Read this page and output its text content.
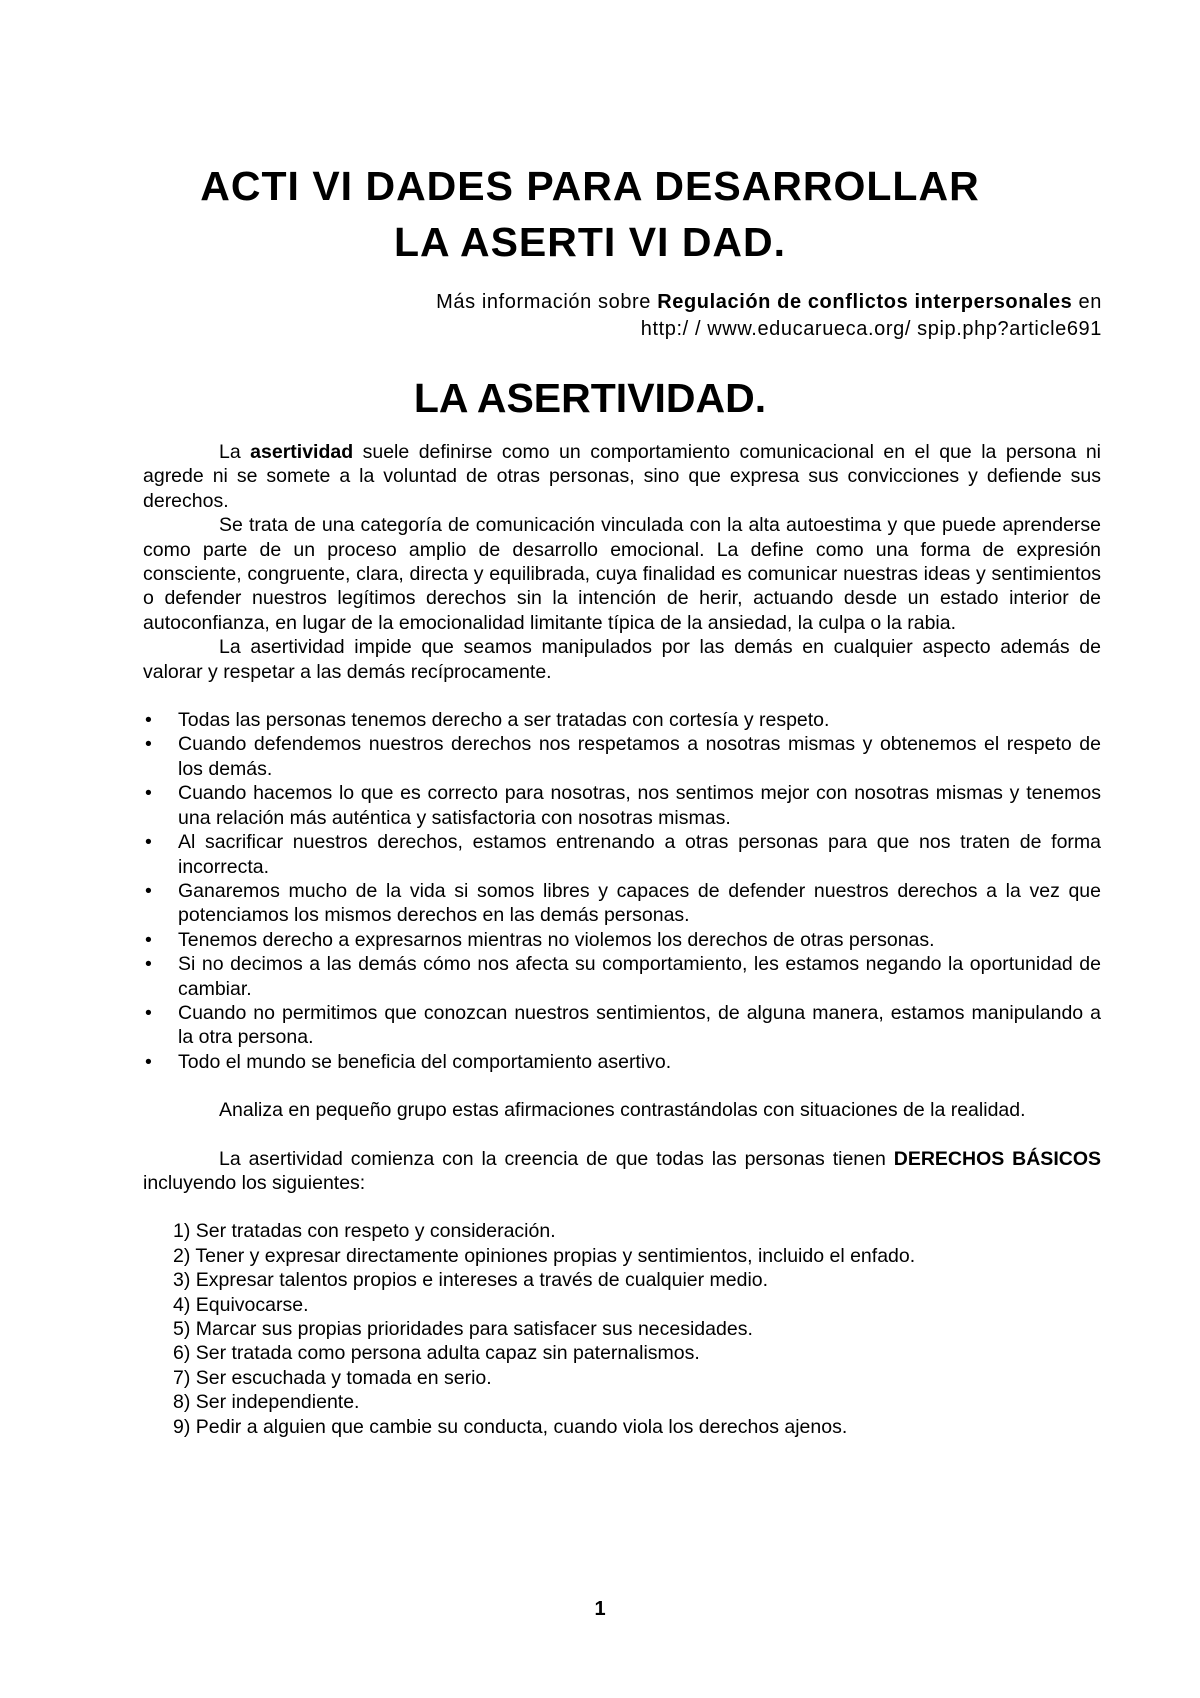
ACTI VI DADES PARA DESARROLLAR
LA ASERTI VI DAD.
Más información sobre Regulación de conflictos interpersonales en
http:/ / www.educarueca.org/ spip.php?article691
LA ASERTIVIDAD.

La asertividad suele definirse como un comportamiento comunicacional en el que la persona ni agrede ni se somete a la voluntad de otras personas, sino que expresa sus convicciones y defiende sus derechos.

Se trata de una categoría de comunicación vinculada con la alta autoestima y que puede aprenderse como parte de un proceso amplio de desarrollo emocional. La define como una forma de expresión consciente, congruente, clara, directa y equilibrada, cuya finalidad es comunicar nuestras ideas y sentimientos o defender nuestros legítimos derechos sin la intención de herir, actuando desde un estado interior de autoconfianza, en lugar de la emocionalidad limitante típica de la ansiedad, la culpa o la rabia.

La asertividad impide que seamos manipulados por las demás en cualquier aspecto además de valorar y respetar a las demás recíprocamente.

• Todas las personas tenemos derecho a ser tratadas con cortesía y respeto.
• Cuando defendemos nuestros derechos nos respetamos a nosotras mismas y obtenemos el respeto de los demás.
• Cuando hacemos lo que es correcto para nosotras, nos sentimos mejor con nosotras mismas y tenemos una relación más auténtica y satisfactoria con nosotras mismas.
• Al sacrificar nuestros derechos, estamos entrenando a otras personas para que nos traten de forma incorrecta.
• Ganaremos mucho de la vida si somos libres y capaces de defender nuestros derechos a la vez que potenciamos los mismos derechos en las demás personas.
• Tenemos derecho a expresarnos mientras no violemos los derechos de otras personas.
• Si no decimos a las demás cómo nos afecta su comportamiento, les estamos negando la oportunidad de cambiar.
• Cuando no permitimos que conozcan nuestros sentimientos, de alguna manera, estamos manipulando a la otra persona.
• Todo el mundo se beneficia del comportamiento asertivo.

Analiza en pequeño grupo estas afirmaciones contrastándolas con situaciones de la realidad.

La asertividad comienza con la creencia de que todas las personas tienen DERECHOS BÁSICOS incluyendo los siguientes:

1) Ser tratadas con respeto y consideración.
2) Tener y expresar directamente opiniones propias y sentimientos, incluido el enfado.
3) Expresar talentos propios e intereses a través de cualquier medio.
4) Equivocarse.
5) Marcar sus propias prioridades para satisfacer sus necesidades.
6) Ser tratada como persona adulta capaz sin paternalismos.
7) Ser escuchada y tomada en serio.
8) Ser independiente.
9) Pedir a alguien que cambie su conducta, cuando viola los derechos ajenos.
1
